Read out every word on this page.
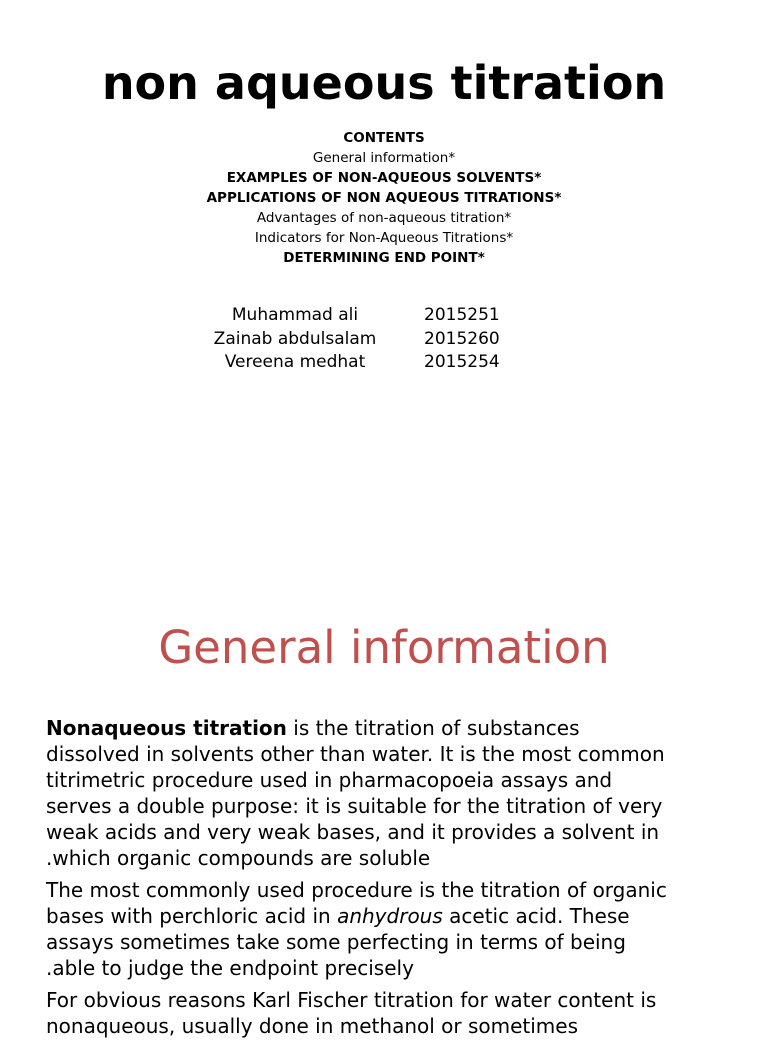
non aqueous titration
CONTENTS
General information*
EXAMPLES OF NON-AQUEOUS SOLVENTS*
APPLICATIONS OF NON AQUEOUS TITRATIONS*
Advantages of non-aqueous titration*
Indicators for Non-Aqueous Titrations*
DETERMINING END POINT*
Muhammad ali	2015251
Zainab abdulsalam	2015260
Vereena medhat	2015254
General information

Nonaqueous titration is the titration of substances
dissolved in solvents other than water. It is the most common
titrimetric procedure used in pharmacopoeia assays and
serves a double purpose: it is suitable for the titration of very
weak acids and very weak bases, and it provides a solvent in
.which organic compounds are soluble

The most commonly used procedure is the titration of organic
bases with perchloric acid in anhydrous acetic acid. These
assays sometimes take some perfecting in terms of being
.able to judge the endpoint precisely

For obvious reasons Karl Fischer titration for water content is
nonaqueous, usually done in methanol or sometimes
